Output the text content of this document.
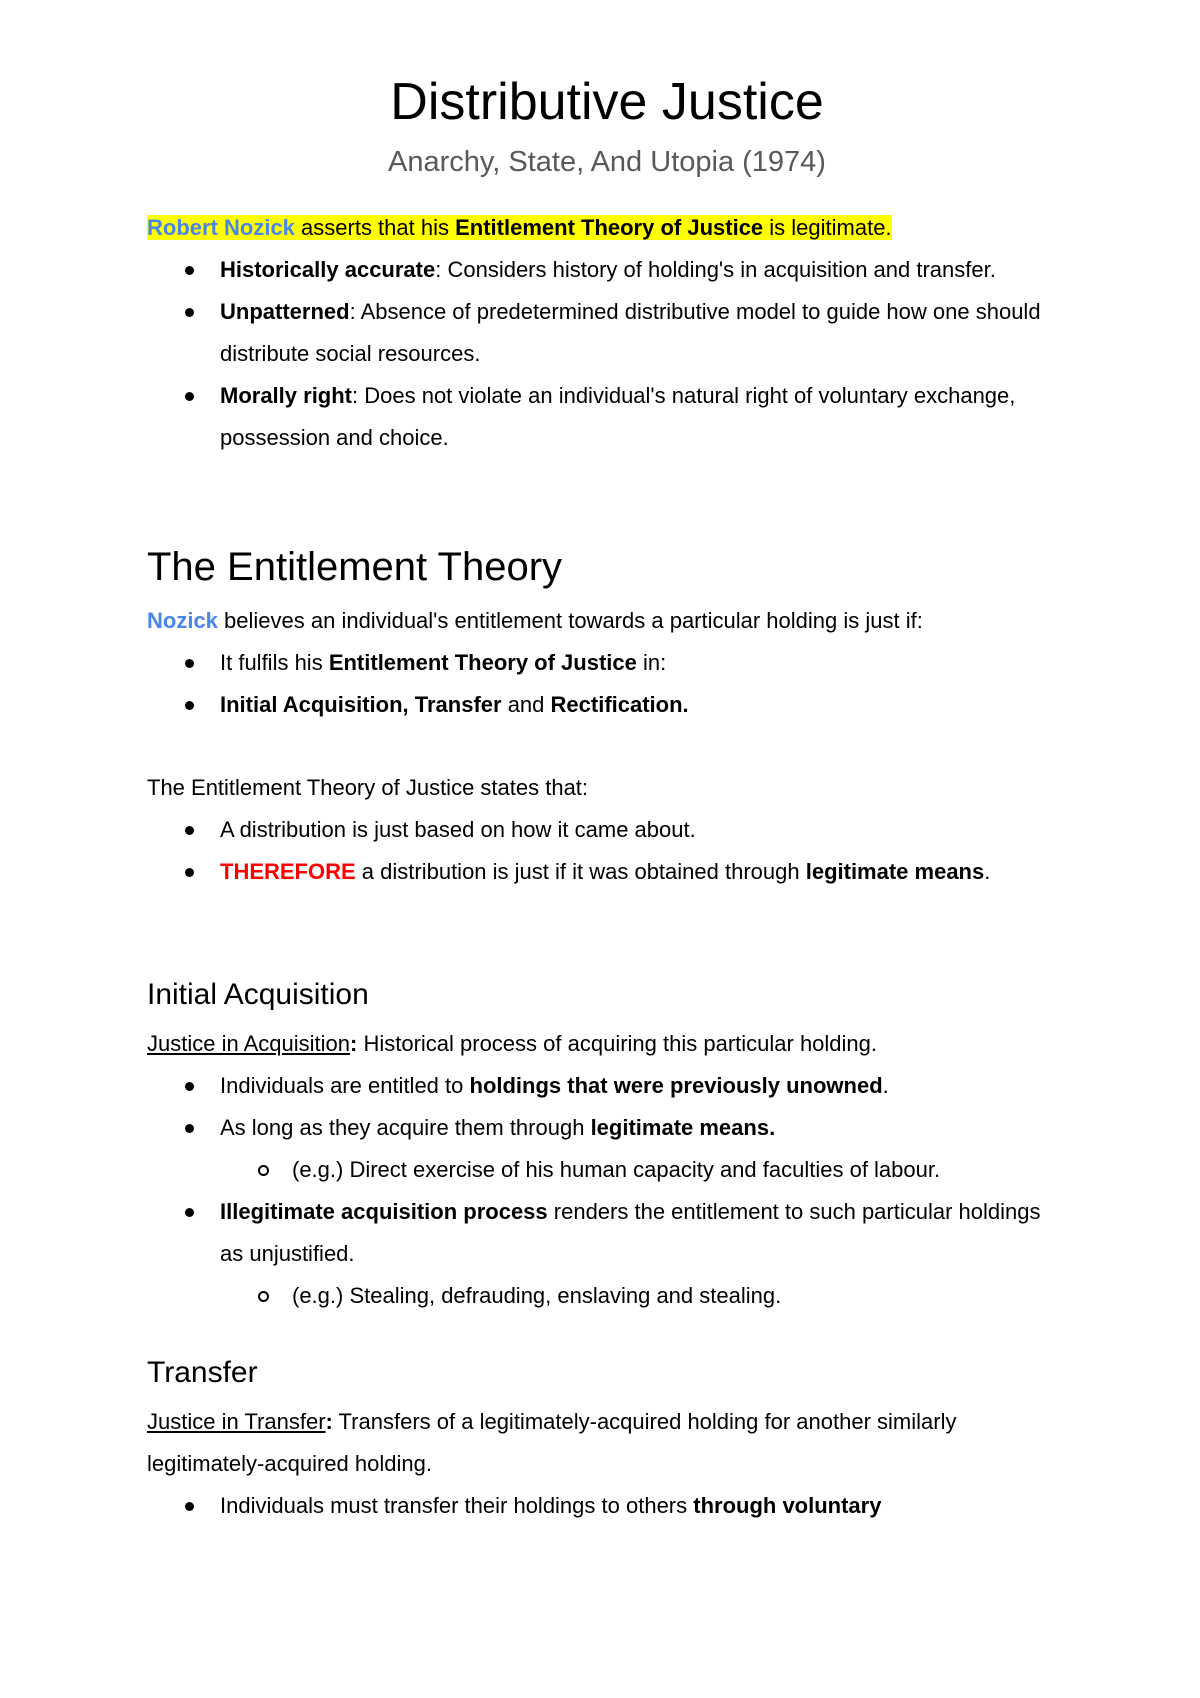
Distributive Justice
Anarchy, State, And Utopia (1974)

Robert Nozick asserts that his Entitlement Theory of Justice is legitimate.

Historically accurate: Considers history of holding's in acquisition and transfer.
Unpatterned: Absence of predetermined distributive model to guide how one should distribute social resources.
Morally right: Does not violate an individual's natural right of voluntary exchange, possession and choice.
The Entitlement Theory

Nozick believes an individual's entitlement towards a particular holding is just if:

It fulfils his Entitlement Theory of Justice in:
Initial Acquisition, Transfer and Rectification.

The Entitlement Theory of Justice states that:

A distribution is just based on how it came about.
THEREFORE a distribution is just if it was obtained through legitimate means.
Initial Acquisition

Justice in Acquisition: Historical process of acquiring this particular holding.

Individuals are entitled to holdings that were previously unowned.
As long as they acquire them through legitimate means.
(e.g.) Direct exercise of his human capacity and faculties of labour.
Illegitimate acquisition process renders the entitlement to such particular holdings as unjustified.
(e.g.) Stealing, defrauding, enslaving and stealing.
Transfer

Justice in Transfer: Transfers of a legitimately-acquired holding for another similarly legitimately-acquired holding.

Individuals must transfer their holdings to others through voluntary
